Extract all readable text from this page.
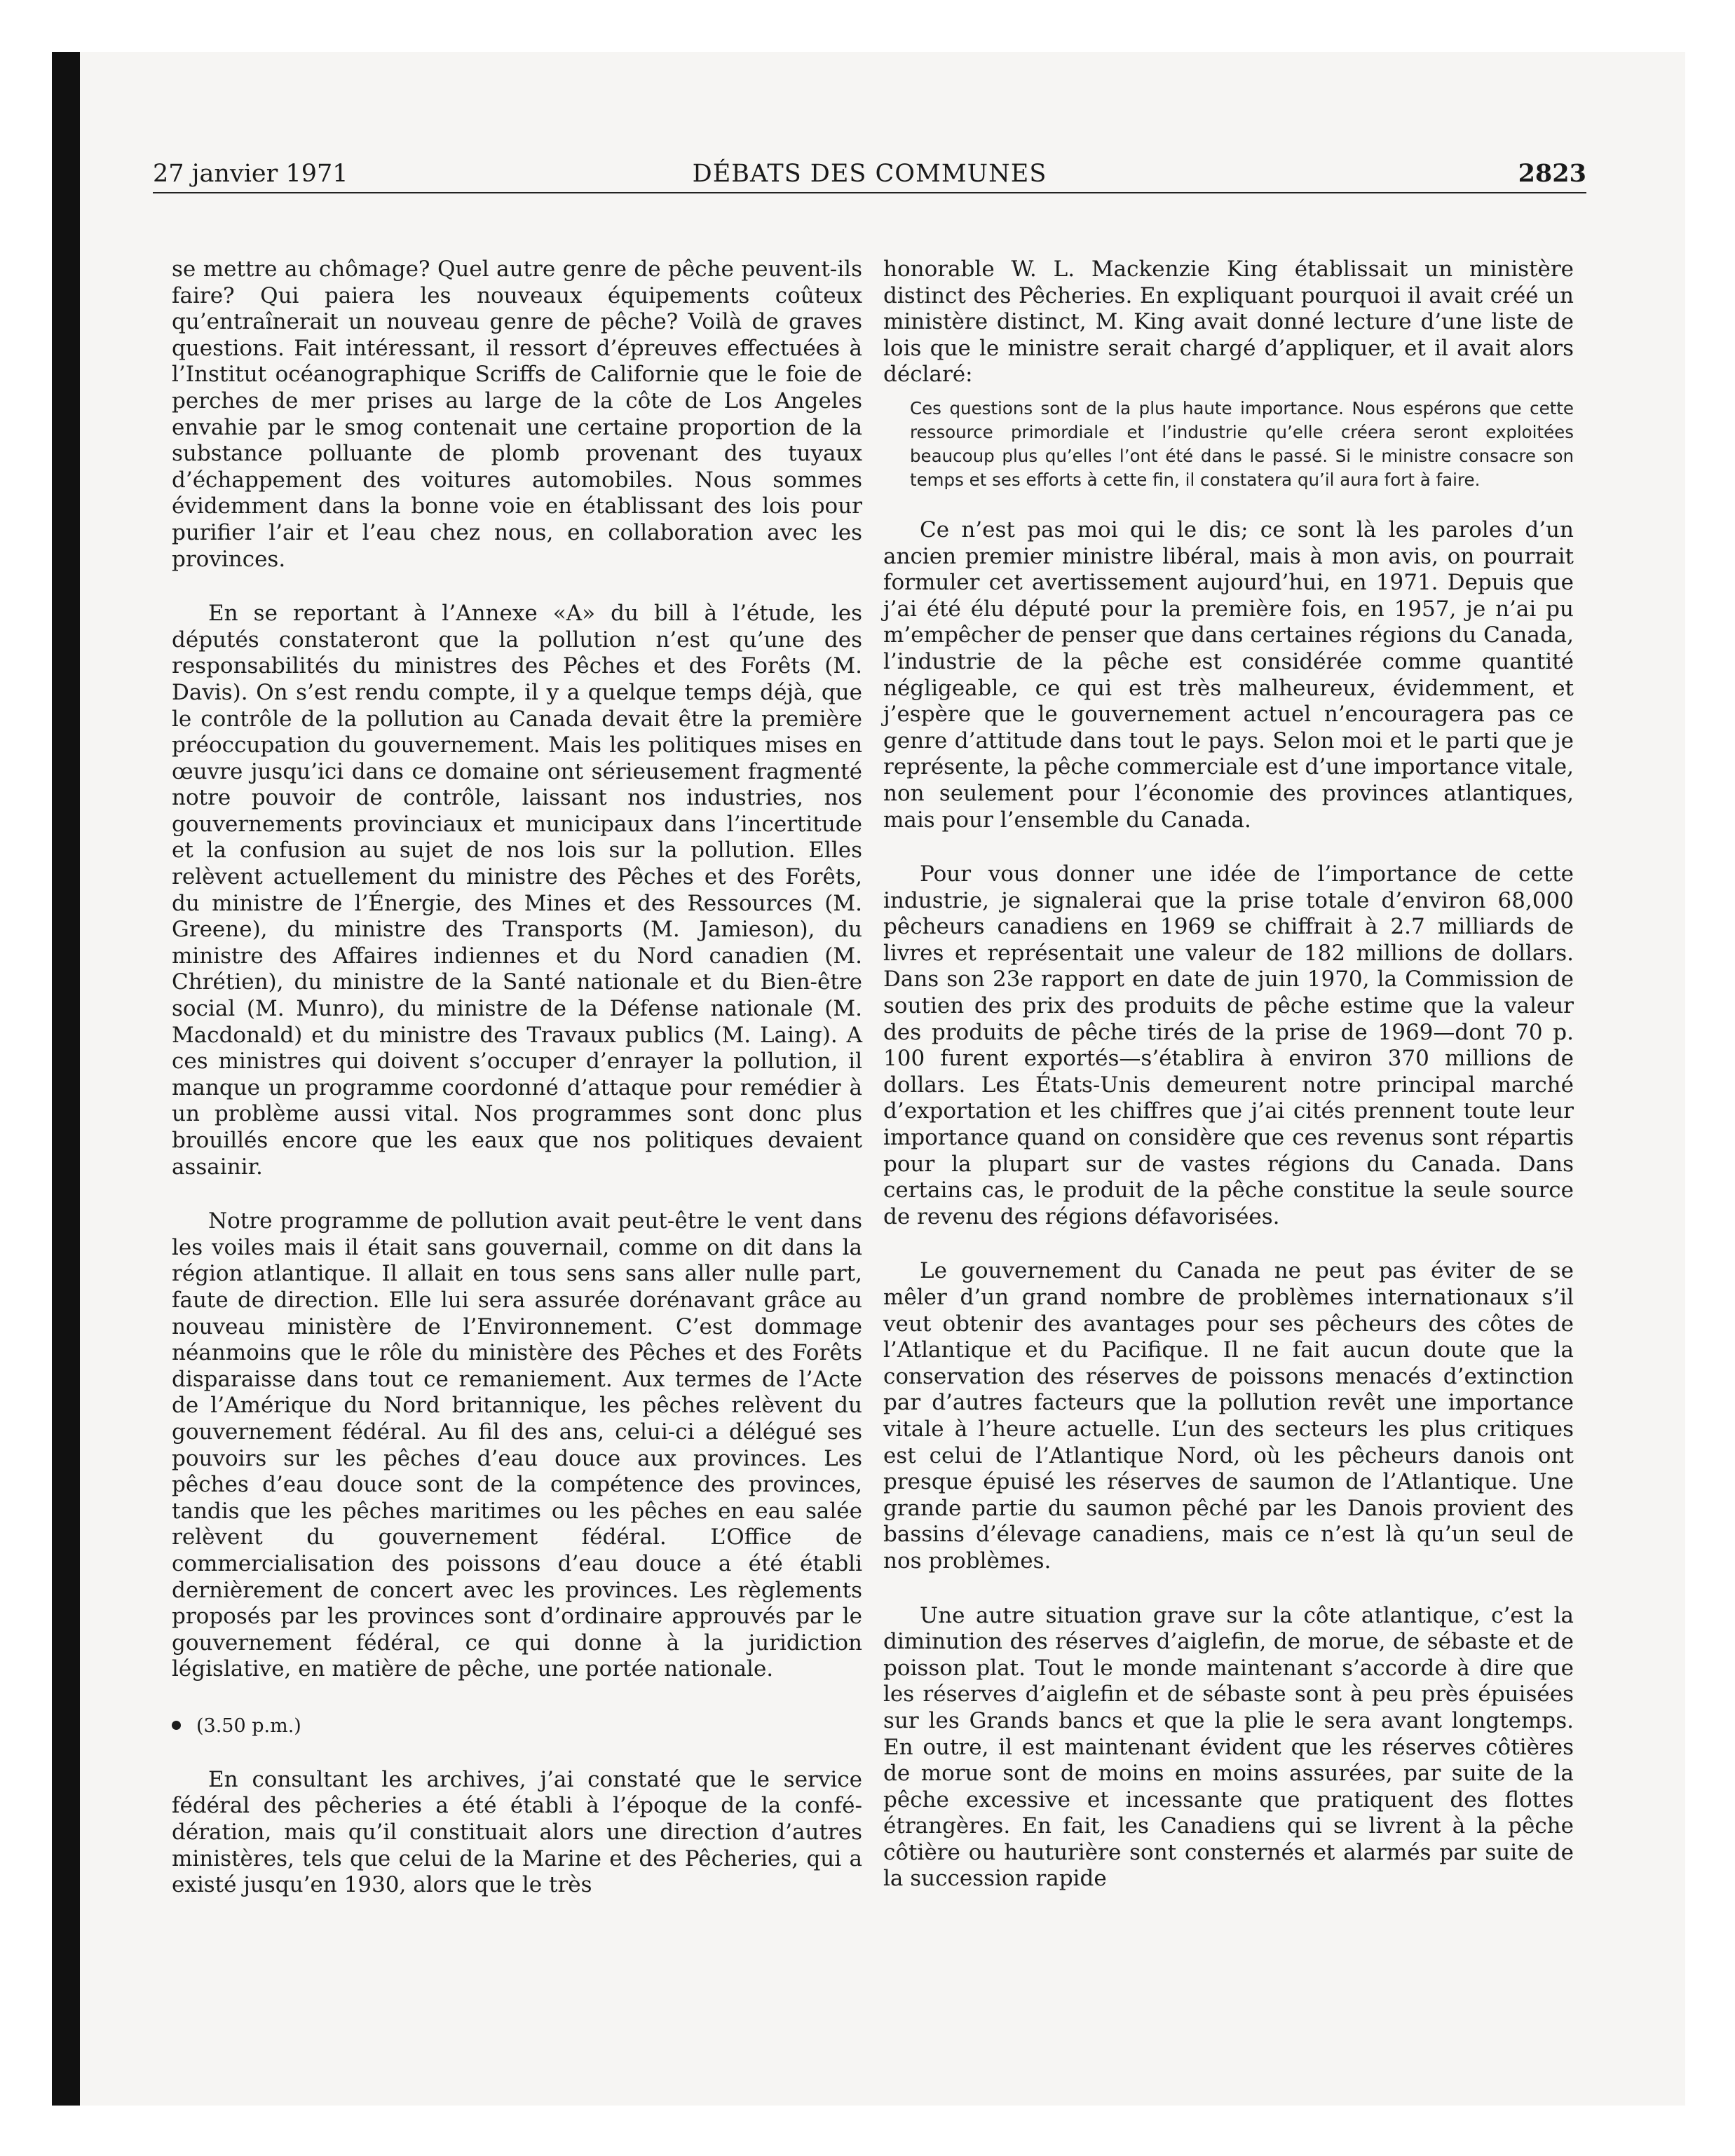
27 janvier 1971	DÉBATS DES COMMUNES	2823

se mettre au chômage? Quel autre genre de pêche peuvent-ils faire? Qui paiera les nouveaux équipements coûteux qu’entraînerait un nouveau genre de pêche? Voilà de graves questions. Fait intéressant, il ressort d’épreuves effectuées à l’Institut océanographique Scriffs de Californie que le foie de perches de mer prises au large de la côte de Los Angeles envahie par le smog contenait une certaine proportion de la substance polluante de plomb provenant des tuyaux d’échappement des voitures automobiles. Nous sommes évidemment dans la bonne voie en établissant des lois pour purifier l’air et l’eau chez nous, en collaboration avec les provinces.

En se reportant à l’Annexe «A» du bill à l’étude, les députés constateront que la pollution n’est qu’une des responsabilités du ministres des Pêches et des Forêts (M. Davis). On s’est rendu compte, il y a quelque temps déjà, que le contrôle de la pollution au Canada devait être la première préoccupation du gouvernement. Mais les politiques mises en œuvre jusqu’ici dans ce domaine ont sérieusement fragmenté notre pouvoir de contrôle, laissant nos industries, nos gouvernements provinciaux et municipaux dans l’incertitude et la confusion au sujet de nos lois sur la pollution. Elles relèvent actuellement du ministre des Pêches et des Forêts, du ministre de l’Énergie, des Mines et des Ressources (M. Greene), du ministre des Transports (M. Jamieson), du ministre des Affaires indiennes et du Nord canadien (M. Chrétien), du ministre de la Santé nationale et du Bien-être social (M. Munro), du ministre de la Défense nationale (M. Macdonald) et du ministre des Travaux publics (M. Laing). A ces ministres qui doivent s’occuper d’enrayer la pollution, il manque un programme coordonné d’attaque pour remédier à un problème aussi vital. Nos programmes sont donc plus brouillés encore que les eaux que nos politiques devaient assainir.

Notre programme de pollution avait peut-être le vent dans les voiles mais il était sans gouvernail, comme on dit dans la région atlantique. Il allait en tous sens sans aller nulle part, faute de direction. Elle lui sera assurée dorénavant grâce au nouveau ministère de l’Environnement. C’est dommage néanmoins que le rôle du ministère des Pêches et des Forêts disparaisse dans tout ce remaniement. Aux termes de l’Acte de l’Amérique du Nord britannique, les pêches relèvent du gouvernement fédéral. Au fil des ans, celui-ci a délégué ses pouvoirs sur les pêches d’eau douce aux provinces. Les pêches d’eau douce sont de la compétence des provinces, tandis que les pêches maritimes ou les pêches en eau salée relèvent du gouvernement fédéral. L’Office de commercialisation des poissons d’eau douce a été établi dernièrement de concert avec les provinces. Les règlements proposés par les provinces sont d’ordinaire approuvés par le gouvernement fédéral, ce qui donne à la juridiction législative, en matière de pêche, une portée nationale.

(3.50 p.m.)

En consultant les archives, j’ai constaté que le service fédéral des pêcheries a été établi à l’époque de la confédération, mais qu’il constituait alors une direction d’autres ministères, tels que celui de la Marine et des Pêcheries, qui a existé jusqu’en 1930, alors que le très

honorable W. L. Mackenzie King établissait un ministère distinct des Pêcheries. En expliquant pourquoi il avait créé un ministère distinct, M. King avait donné lecture d’une liste de lois que le ministre serait chargé d’appliquer, et il avait alors déclaré:

Ces questions sont de la plus haute importance. Nous espérons que cette ressource primordiale et l’industrie qu’elle créera seront exploitées beaucoup plus qu’elles l’ont été dans le passé. Si le ministre consacre son temps et ses efforts à cette fin, il constatera qu’il aura fort à faire.

Ce n’est pas moi qui le dis; ce sont là les paroles d’un ancien premier ministre libéral, mais à mon avis, on pourrait formuler cet avertissement aujourd’hui, en 1971. Depuis que j’ai été élu député pour la première fois, en 1957, je n’ai pu m’empêcher de penser que dans certaines régions du Canada, l’industrie de la pêche est considérée comme quantité négligeable, ce qui est très malheureux, évidemment, et j’espère que le gouvernement actuel n’encouragera pas ce genre d’attitude dans tout le pays. Selon moi et le parti que je représente, la pêche commerciale est d’une importance vitale, non seulement pour l’économie des provinces atlantiques, mais pour l’ensemble du Canada.

Pour vous donner une idée de l’importance de cette industrie, je signalerai que la prise totale d’environ 68,000 pêcheurs canadiens en 1969 se chiffrait à 2.7 milliards de livres et représentait une valeur de 182 millions de dollars. Dans son 23e rapport en date de juin 1970, la Commission de soutien des prix des produits de pêche estime que la valeur des produits de pêche tirés de la prise de 1969—dont 70 p. 100 furent exportés—s’établira à environ 370 millions de dollars. Les États-Unis demeurent notre principal marché d’exportation et les chiffres que j’ai cités prennent toute leur importance quand on considère que ces revenus sont répartis pour la plupart sur de vastes régions du Canada. Dans certains cas, le produit de la pêche constitue la seule source de revenu des régions défavorisées.

Le gouvernement du Canada ne peut pas éviter de se mêler d’un grand nombre de problèmes internationaux s’il veut obtenir des avantages pour ses pêcheurs des côtes de l’Atlantique et du Pacifique. Il ne fait aucun doute que la conservation des réserves de poissons menacés d’extinction par d’autres facteurs que la pollution revêt une importance vitale à l’heure actuelle. L’un des secteurs les plus critiques est celui de l’Atlantique Nord, où les pêcheurs danois ont presque épuisé les réserves de saumon de l’Atlantique. Une grande partie du saumon pêché par les Danois provient des bassins d’élevage canadiens, mais ce n’est là qu’un seul de nos problèmes.

Une autre situation grave sur la côte atlantique, c’est la diminution des réserves d’aiglefin, de morue, de sébaste et de poisson plat. Tout le monde maintenant s’accorde à dire que les réserves d’aiglefin et de sébaste sont à peu près épuisées sur les Grands bancs et que la plie le sera avant longtemps. En outre, il est maintenant évident que les réserves côtières de morue sont de moins en moins assurées, par suite de la pêche excessive et incessante que pratiquent des flottes étrangères. En fait, les Canadiens qui se livrent à la pêche côtière ou hauturière sont consternés et alarmés par suite de la succession rapide
